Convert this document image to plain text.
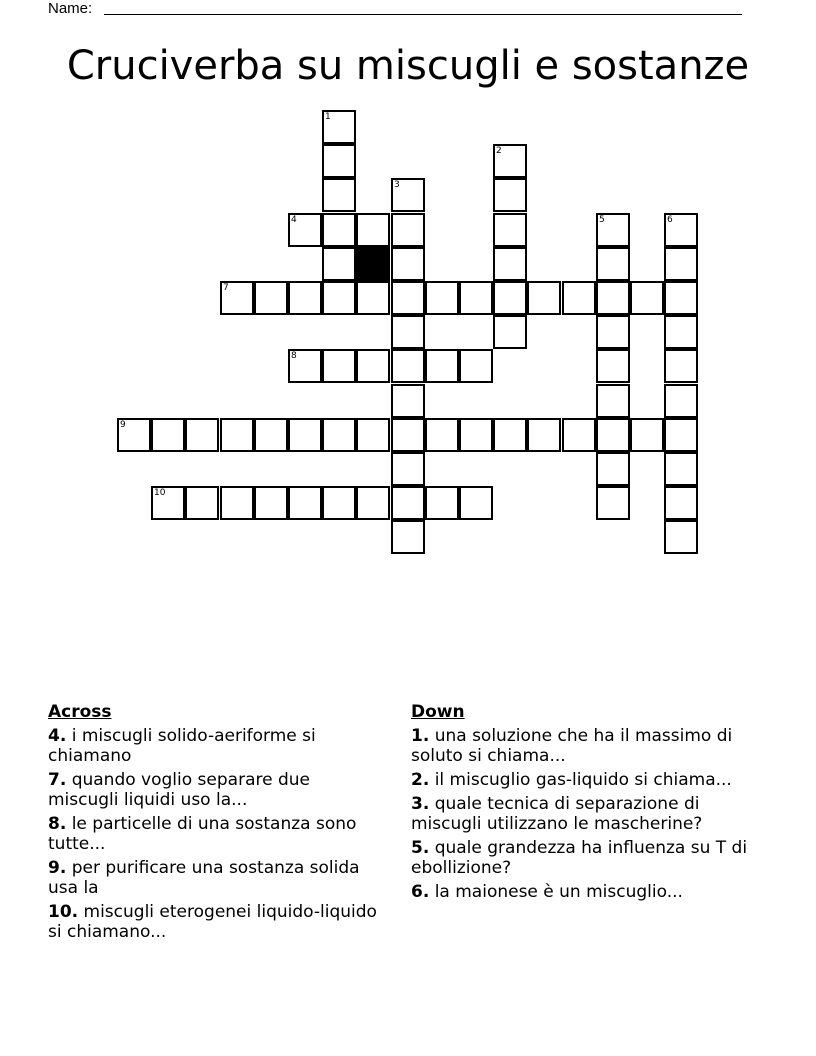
Name:
Cruciverba su miscugli e sostanze
1
2
3
4	5	6
7
8
9
10
Across
4. i miscugli solido-aeriforme si chiamano
7. quando voglio separare due miscugli liquidi uso la...
8. le particelle di una sostanza sono tutte...
9. per purificare una sostanza solida usa la
10. miscugli eterogenei liquido-liquido si chiamano...
Down
1. una soluzione che ha il massimo di soluto si chiama...
2. il miscuglio gas-liquido si chiama...
3. quale tecnica di separazione di miscugli utilizzano le mascherine?
5. quale grandezza ha influenza su T di ebollizione?
6. la maionese è un miscuglio...
